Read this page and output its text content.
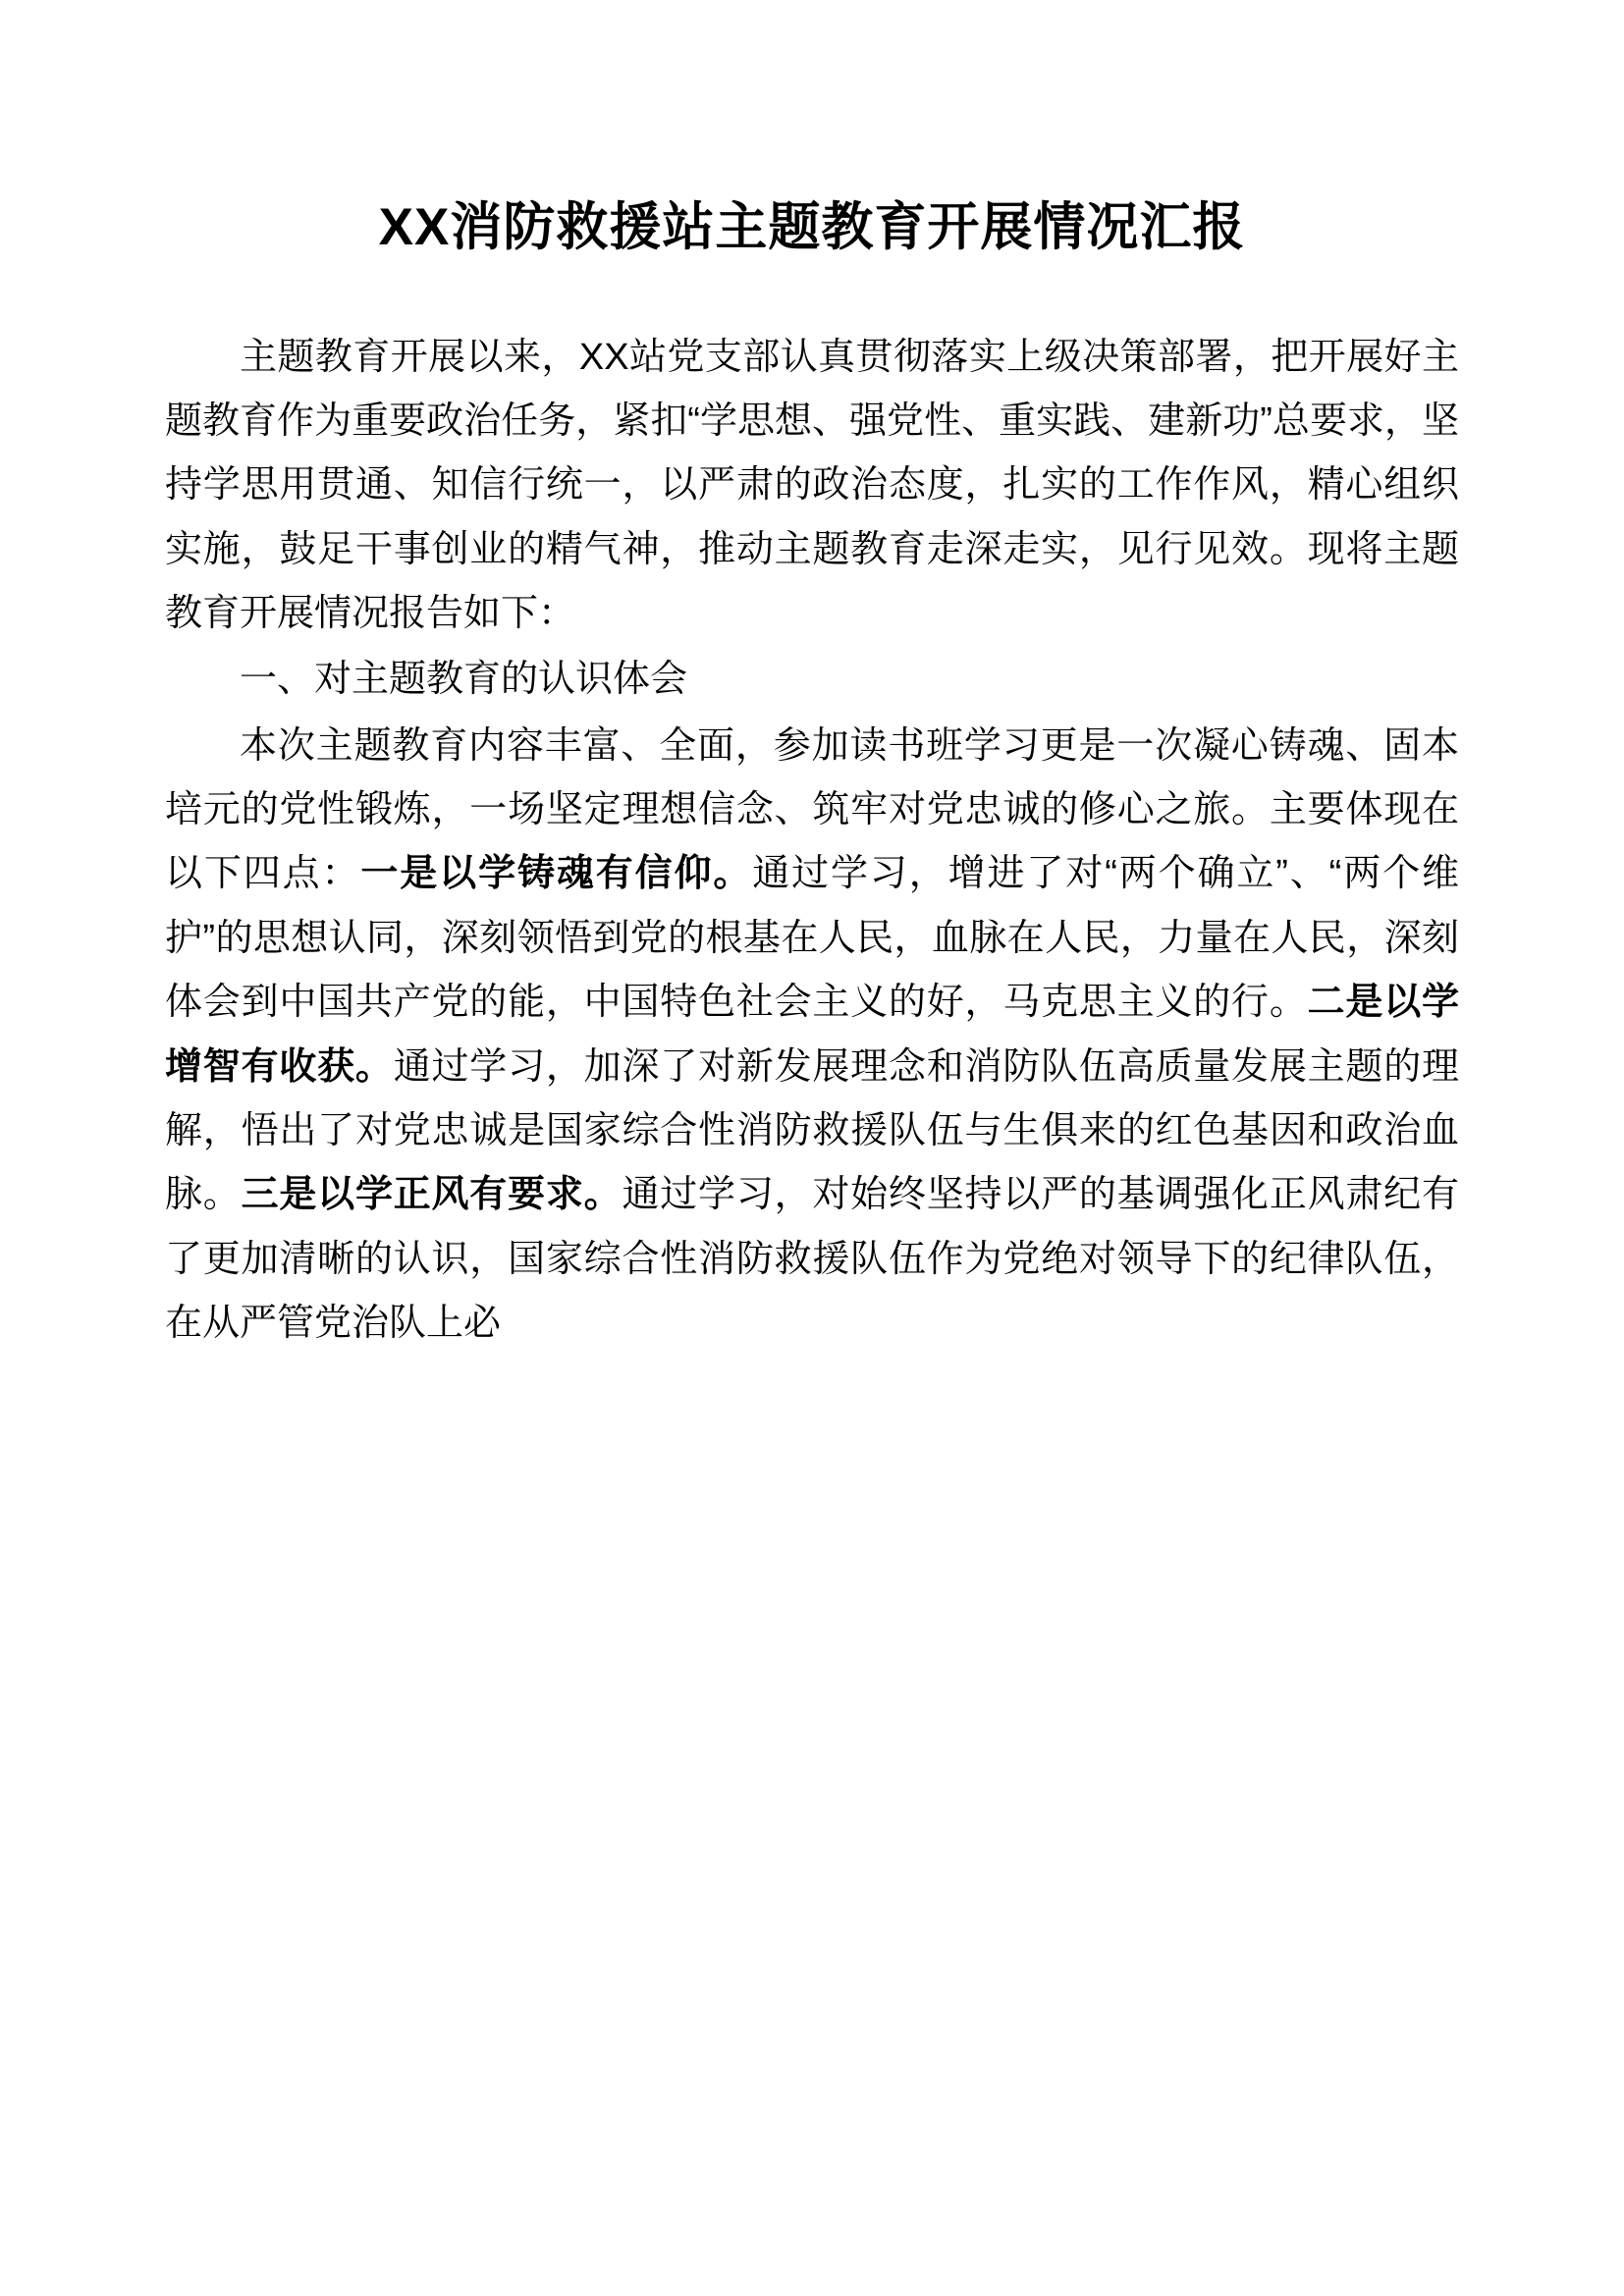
XX消防救援站主题教育开展情况汇报
主题教育开展以来，XX站党支部认真贯彻落实上级决策部署，把开展好主题教育作为重要政治任务，紧扣“学思想、强党性、重实践、建新功”总要求，坚持学思用贯通、知信行统一，以严肃的政治态度，扎实的工作作风，精心组织实施，鼓足干事创业的精气神，推动主题教育走深走实，见行见效。现将主题教育开展情况报告如下：
一、对主题教育的认识体会
本次主题教育内容丰富、全面，参加读书班学习更是一次凝心铸魂、固本培元的党性锻炼，一场坚定理想信念、筑牢对党忠诚的修心之旅。主要体现在以下四点：一是以学铸魂有信仰。通过学习，增进了对“两个确立”、“两个维护”的思想认同，深刻领悟到党的根基在人民，血脉在人民，力量在人民，深刻体会到中国共产党的能，中国特色社会主义的好，马克思主义的行。二是以学增智有收获。通过学习，加深了对新发展理念和消防队伍高质量发展主题的理解，悟出了对党忠诚是国家综合性消防救援队伍与生俱来的红色基因和政治血脉。三是以学正风有要求。通过学习，对始终坚持以严的基调强化正风肃纪有了更加清晰的认识，国家综合性消防救援队伍作为党绝对领导下的纪律队伍，在从严管党治队上必
